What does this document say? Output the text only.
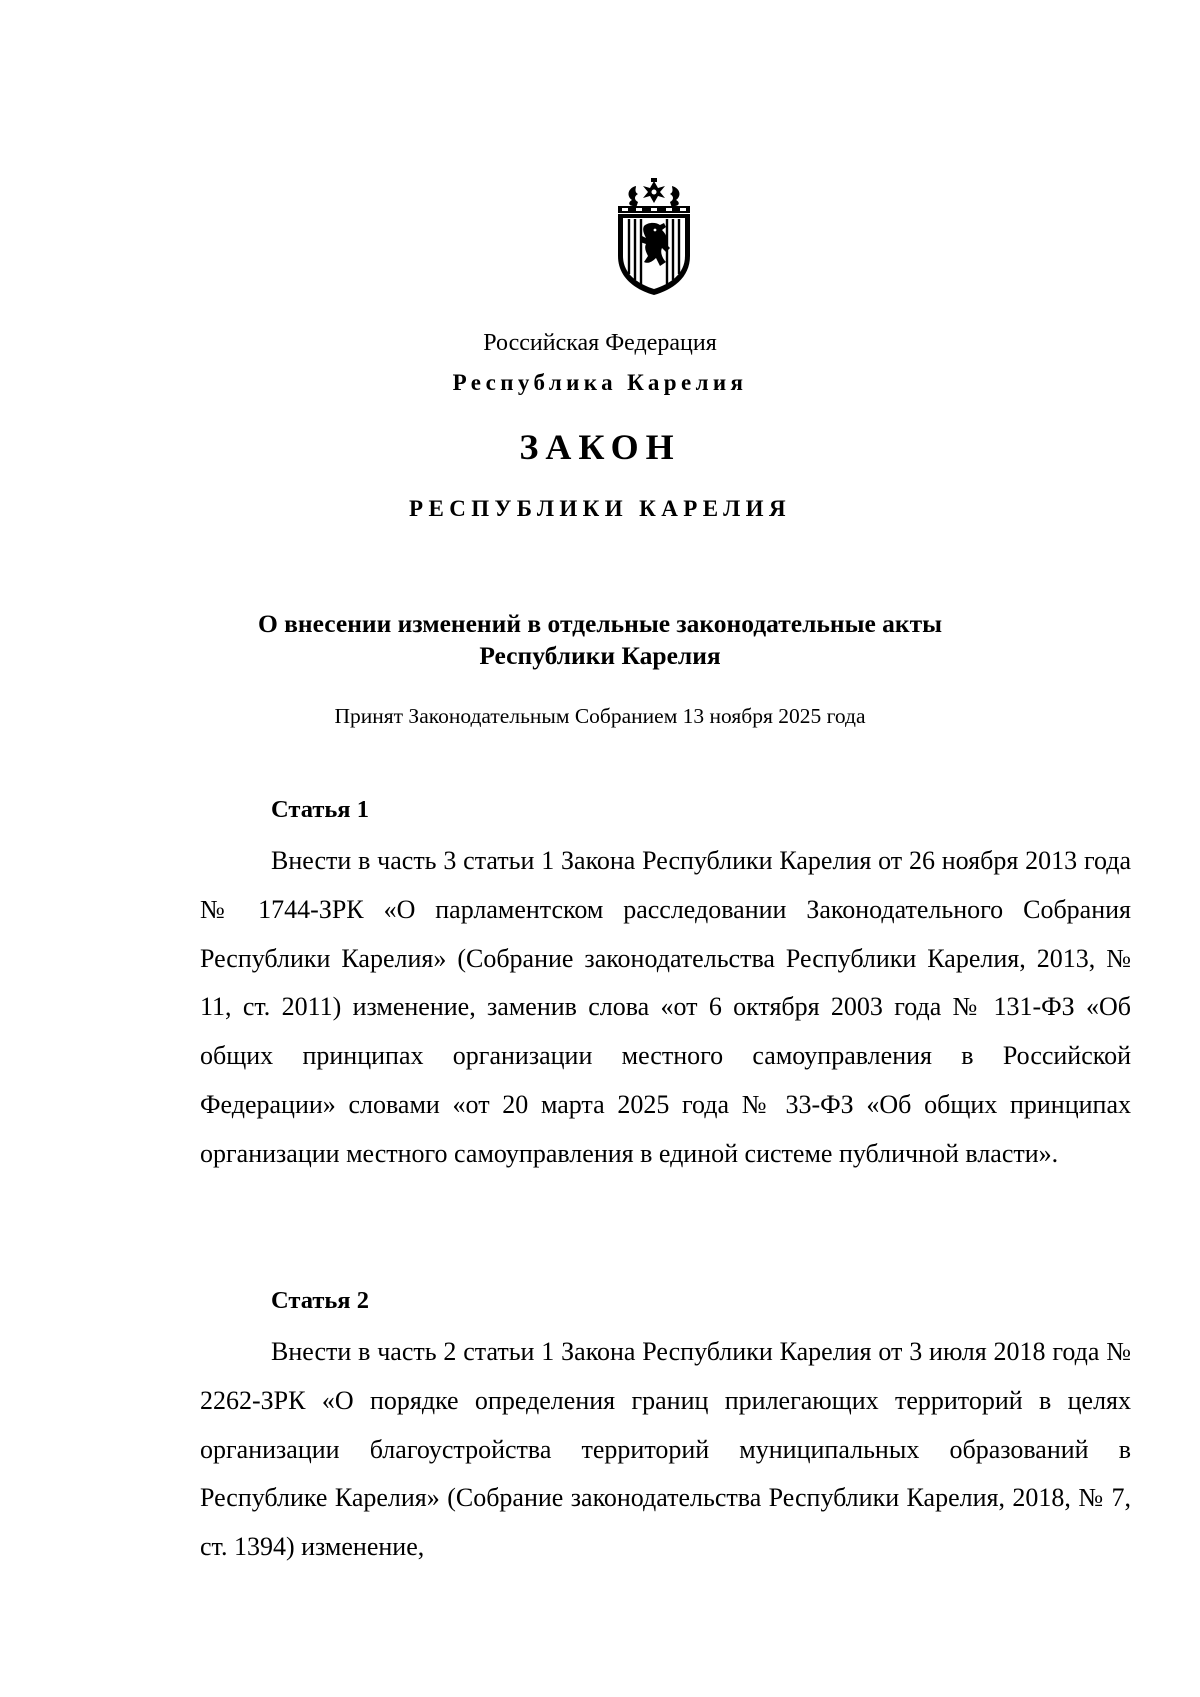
Российская Федерация
Республика Карелия
ЗАКОН
РЕСПУБЛИКИ КАРЕЛИЯ
О внесении изменений в отдельные законодательные акты
Республики Карелия
Принят Законодательным Собранием 13 ноября 2025 года
Статья 1

Внести в часть 3 статьи 1 Закона Республики Карелия от 26 ноября 2013 года № 1744-ЗРК «О парламентском расследовании Законодательного Собрания Республики Карелия» (Собрание законодательства Республики Карелия, 2013, № 11, ст. 2011) изменение, заменив слова «от 6 октября 2003 года № 131-ФЗ «Об общих принципах организации местного самоуправления в Российской Федерации» словами «от 20 марта 2025 года № 33-ФЗ «Об общих принципах организации местного самоуправления в единой системе публичной власти».

Статья 2

Внести в часть 2 статьи 1 Закона Республики Карелия от 3 июля 2018 года № 2262-ЗРК «О порядке определения границ прилегающих территорий в целях организации благоустройства территорий муниципальных образований в Республике Карелия» (Собрание законодательства Республики Карелия, 2018, № 7, ст. 1394) изменение,
